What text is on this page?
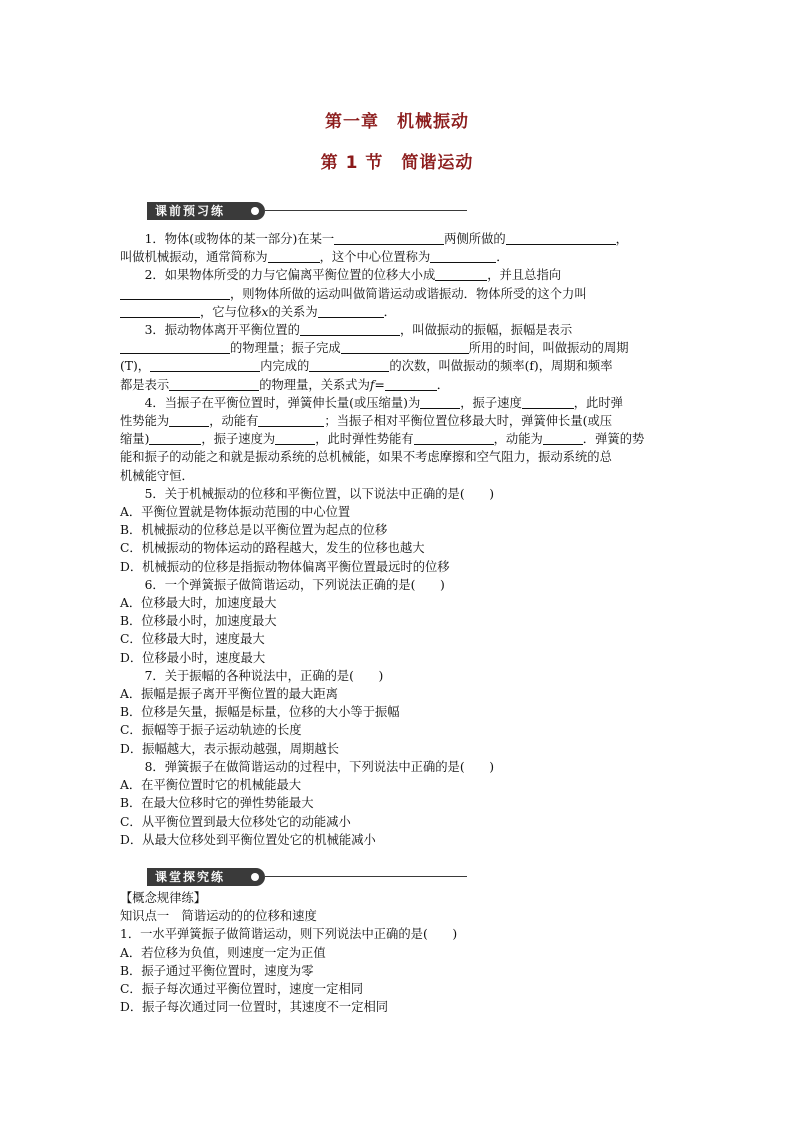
第一章　机械振动
第 1 节　简谐运动
课前预习练

1．物体(或物体的某一部分)在某一	两侧所做的	，
叫做机械振动，通常简称为	，这个中心位置称为	．

2．如果物体所受的力与它偏离平衡位置的位移大小成	，并且总指向
，则物体所做的运动叫做简谐运动或谐振动．物体所受的这个力叫
，它与位移x的关系为	．

3．振动物体离开平衡位置的	，叫做振动的振幅，振幅是表示
的物理量；振子完成	所用的时间，叫做振动的周期
(T)，	内完成的	的次数，叫做振动的频率(f)，周期和频率
都是表示	的物理量，关系式为f=	．

4．当振子在平衡位置时，弹簧伸长量(或压缩量)为	，振子速度	，此时弹
性势能为	，动能有	；当振子相对平衡位置位移最大时，弹簧伸长量(或压
缩量)	，振子速度为	，此时弹性势能有	，动能为	．弹簧的势
能和振子的动能之和就是振动系统的总机械能，如果不考虑摩擦和空气阻力，振动系统的总
机械能守恒．

5．关于机械振动的位移和平衡位置，以下说法中正确的是(　　)

A．平衡位置就是物体振动范围的中心位置

B．机械振动的位移总是以平衡位置为起点的位移

C．机械振动的物体运动的路程越大，发生的位移也越大

D．机械振动的位移是指振动物体偏离平衡位置最远时的位移

6．一个弹簧振子做简谐运动，下列说法正确的是(　　)

A．位移最大时，加速度最大

B．位移最小时，加速度最大

C．位移最大时，速度最大

D．位移最小时，速度最大

7．关于振幅的各种说法中，正确的是(　　)

A．振幅是振子离开平衡位置的最大距离

B．位移是矢量，振幅是标量，位移的大小等于振幅

C．振幅等于振子运动轨迹的长度

D．振幅越大，表示振动越强，周期越长

8．弹簧振子在做简谐运动的过程中，下列说法中正确的是(　　)

A．在平衡位置时它的机械能最大

B．在最大位移时它的弹性势能最大

C．从平衡位置到最大位移处它的动能减小

D．从最大位移处到平衡位置处它的机械能减小

课堂探究练

【概念规律练】

知识点一　简谐运动的的位移和速度

1．一水平弹簧振子做简谐运动，则下列说法中正确的是(　　)

A．若位移为负值，则速度一定为正值

B．振子通过平衡位置时，速度为零

C．振子每次通过平衡位置时，速度一定相同

D．振子每次通过同一位置时，其速度不一定相同
